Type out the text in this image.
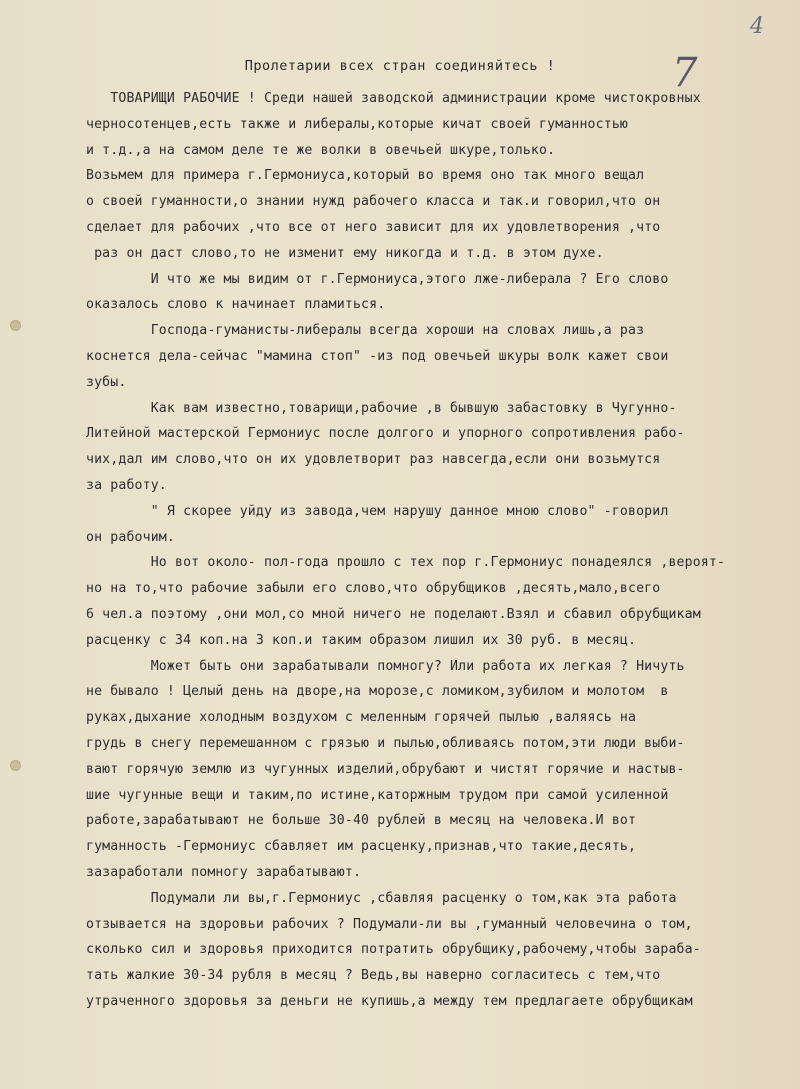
4
7
Пролетарии всех стран соединяйтесь !
ТОВАРИЩИ РАБОЧИЕ ! Среди нашей заводской администрации кроме чистокровных
черносотенцев,есть также и либералы,которые кичат своей гуманностью
и т.д.,а на самом деле те же волки в овечьей шкуре,только.
Возьмем для примера г.Гермониуса,который во время оно так много вещал
о своей гуманности,о знании нужд рабочего класса и так.и говорил,что он
сделает для рабочих ,что все от него зависит для их удовлетворения ,что
раз он даст слово,то не изменит ему никогда и т.д. в этом духе.
И что же мы видим от г.Гермониуса,этого лже-либерала ? Его слово
оказалось слово к начинает пламиться.
Господа-гуманисты-либералы всегда хороши на словах лишь,а раз
коснется дела-сейчас "мамина стоп" -из под овечьей шкуры волк кажет свои
зубы.
Как вам известно,товарищи,рабочие ,в бывшую забастовку в Чугунно-
Литейной мастерской Гермониус после долгого и упорного сопротивления рабо-
чих,дал им слово,что он их удовлетворит раз навсегда,если они возьмутся
за работу.
" Я скорее уйду из завода,чем нарушу данное мною слово" -говорил
он рабочим.
Но вот около- пол-года прошло с тех пор г.Гермониус понадеялся ,вероят-
но на то,что рабочие забыли его слово,что обрубщиков ,десять,мало,всего
6 чел.а поэтому ,они мол,со мной ничего не поделают.Взял и сбавил обрубщикам
расценку с 34 коп.на 3 коп.и таким образом лишил их 30 руб. в месяц.
Может быть они зарабатывали помногу? Или работа их легкая ? Ничуть
не бывало ! Целый день на дворе,на морозе,с ломиком,зубилом и молотом  в
руках,дыхание холодным воздухом с меленным горячей пылью ,валяясь на
грудь в снегу перемешанном с грязью и пылью,обливаясь потом,эти люди выби-
вают горячую землю из чугунных изделий,обрубают и чистят горячие и настыв-
шие чугунные вещи и таким,по истине,каторжным трудом при самой усиленной
работе,зарабатывают не больше 30-40 рублей в месяц на человека.И вот
гуманность -Гермониус сбавляет им расценку,признав,что такие,десять,
зазаработали помногу зарабатывают.
Подумали ли вы,г.Гермониус ,сбавляя расценку о том,как эта работа
отзывается на здоровьи рабочих ? Подумали-ли вы ,гуманный человечина о том,
сколько сил и здоровья приходится потратить обрубщику,рабочему,чтобы зараба-
тать жалкие 30-34 рубля в месяц ? Ведь,вы наверно согласитесь с тем,что
утраченного здоровья за деньги не купишь,а между тем предлагаете обрубщикам
